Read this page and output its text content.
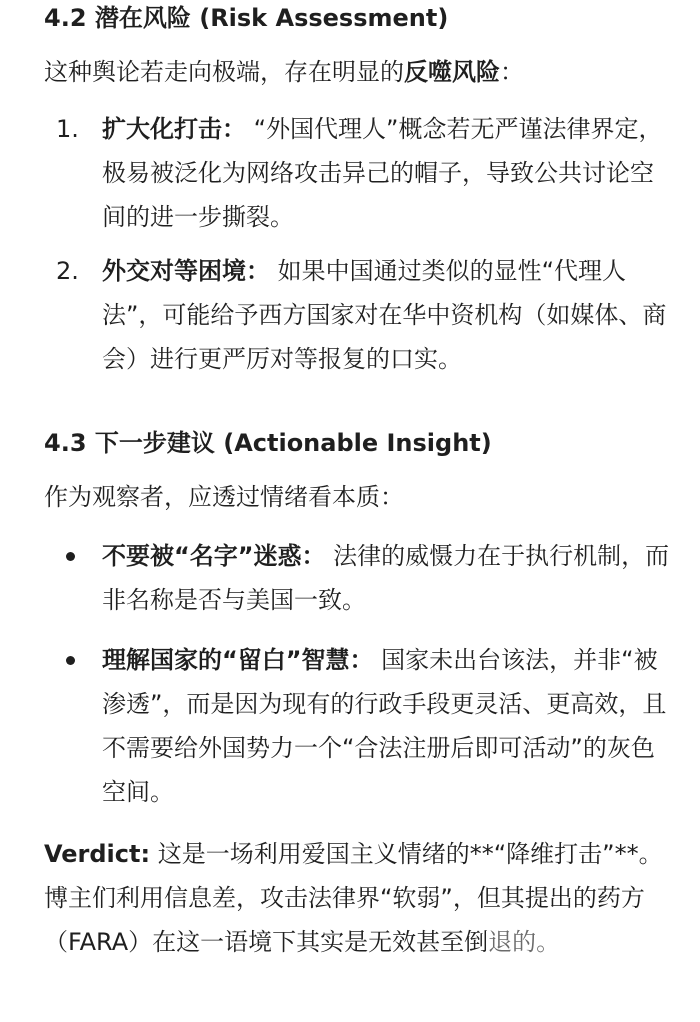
4.2 潜在风险 (Risk Assessment)

这种舆论若走向极端，存在明显的反噬风险：

1. 扩大化打击： “外国代理人”概念若无严谨法律界定，极易被泛化为网络攻击异己的帽子，导致公共讨论空间的进一步撕裂。
2. 外交对等困境： 如果中国通过类似的显性“代理人法”，可能给予西方国家对在华中资机构（如媒体、商会）进行更严厉对等报复的口实。
4.3 下一步建议 (Actionable Insight)

作为观察者，应透过情绪看本质：

不要被“名字”迷惑： 法律的威慑力在于执行机制，而非名称是否与美国一致。
理解国家的“留白”智慧： 国家未出台该法，并非“被渗透”，而是因为现有的行政手段更灵活、更高效，且不需要给外国势力一个“合法注册后即可活动”的灰色空间。

Verdict: 这是一场利用爱国主义情绪的**“降维打击”**。博主们利用信息差，攻击法律界“软弱”，但其提出的药方（FARA）在这一语境下其实是无效甚至倒退的。
